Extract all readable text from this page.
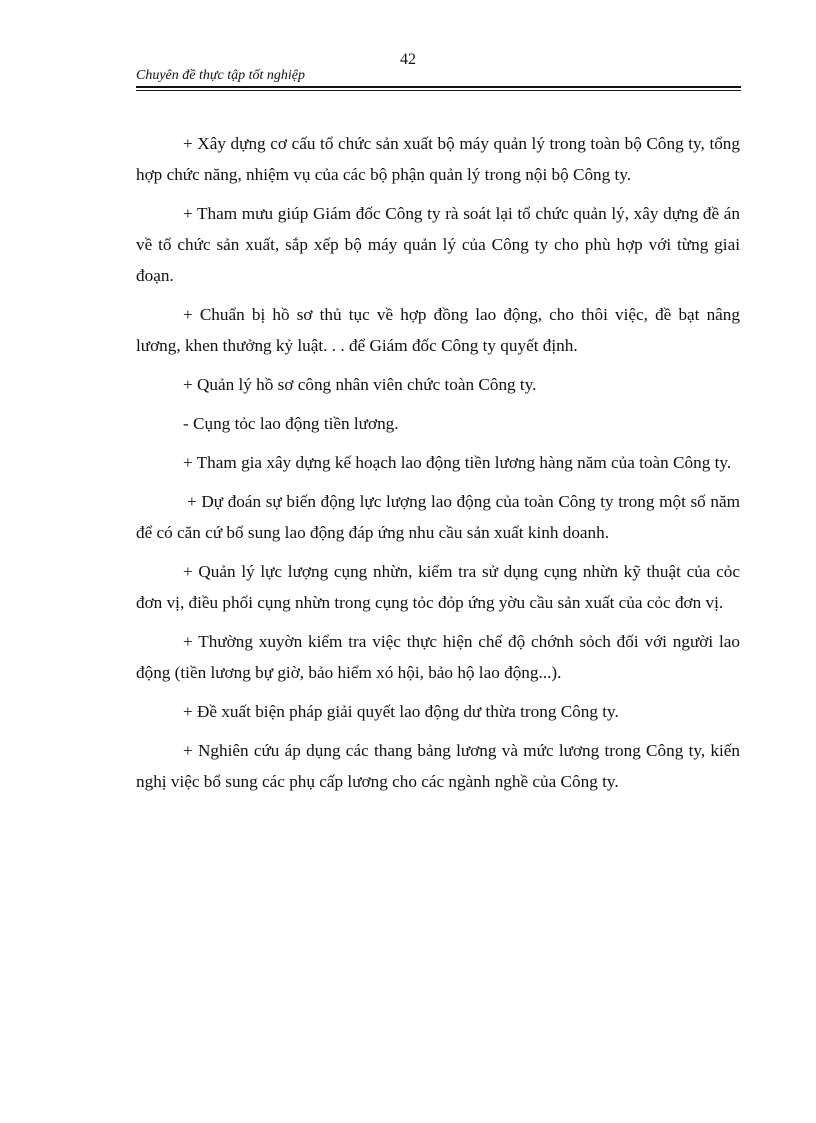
42
Chuyên đề thực tập tốt nghiệp

+ Xây dựng cơ cấu tổ chức sản xuất bộ máy quản lý trong toàn bộ Công ty, tổng hợp chức năng, nhiệm vụ của các bộ phận quản lý trong nội bộ Công ty.

+ Tham mưu giúp Giám đốc Công ty rà soát lại tổ chức quản lý, xây dựng đề án về tổ chức sản xuất, sắp xếp bộ máy quản lý của Công ty cho phù hợp với từng giai đoạn.

+ Chuẩn bị hồ sơ thủ tục về hợp đồng lao động, cho thôi việc, đề bạt nâng lương, khen thưởng kỷ luật. . . để Giám đốc Công ty quyết định.

+ Quản lý hồ sơ công nhân viên chức toàn Công ty.

- Cụng tỏc lao động tiền lương.

+ Tham gia xây dựng kế hoạch lao động tiền lương hàng năm của toàn Công ty.

+ Dự đoán sự biến động lực lượng lao động của toàn Công ty trong một số năm để có căn cứ bổ sung lao động đáp ứng nhu cầu sản xuất kinh doanh.

+ Quản lý lực lượng cụng nhừn, kiểm tra sử dụng cụng nhừn kỹ thuật của cỏc đơn vị, điều phối cụng nhừn trong cụng tỏc đỏp ứng yờu cầu sản xuất của cỏc đơn vị.

+ Thường xuyờn kiểm tra việc thực hiện chế độ chớnh sỏch đối với người lao động (tiền lương bự giờ, bảo hiểm xó hội, bảo hộ lao động...).

+ Đề xuất biện pháp giải quyết lao động dư thừa trong Công ty.

+ Nghiên cứu áp dụng các thang bảng lương và mức lương trong Công ty, kiến nghị việc bổ sung các phụ cấp lương cho các ngành nghề của Công ty.
